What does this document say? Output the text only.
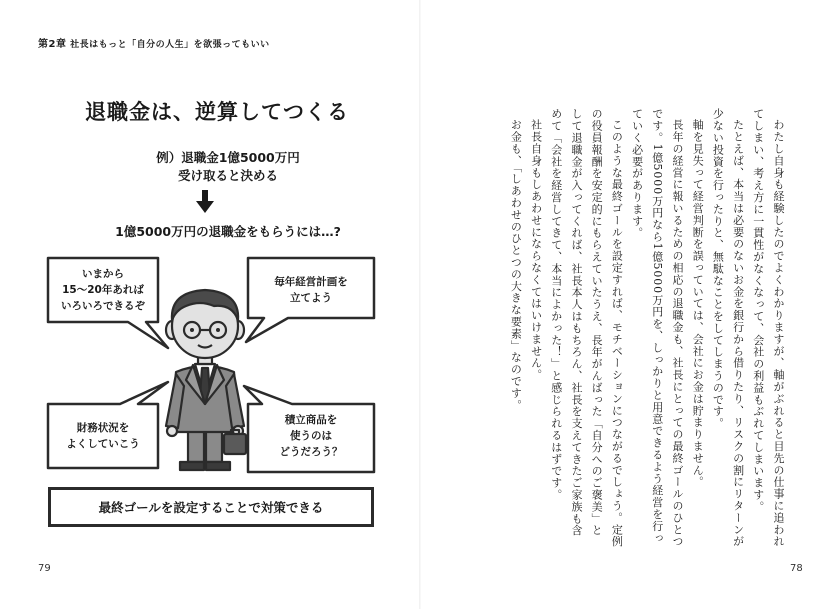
第2章 社長はもっと「自分の人生」を欲張ってもいい
退職金は、逆算してつくる
例）退職金1億5000万円
受け取ると決める
1億5000万円の退職金をもらうには…?
いまから
15～20年あれば
いろいろできるぞ
毎年経営計画を
立てよう
財務状況を
よくしていこう
積立商品を
使うのは
どうだろう？
最終ゴールを設定することで対策できる
79

わたし自身も経験したのでよくわかりますが、軸がぶれると目先の仕事に追われてしまい、考え方に一貫性がなくなって、会社の利益もぶれてしまいます。

たとえば、本当は必要のないお金を銀行から借りたり、リスクの割にリターンが少ない投資を行ったりと、無駄なことをしてしまうのです。

軸を見失って経営判断を誤っていては、会社にお金は貯まりません。

長年の経営に報いるための相応の退職金も、社長にとっての最終ゴールのひとつです。1億5000万円なら1億5000万円を、しっかりと用意できるよう経営を行っていく必要があります。

このような最終ゴールを設定すれば、モチベーションにつながるでしょう。定例の役員報酬を安定的にもらえていたうえ、長年がんばった「自分へのご褒美」として退職金が入ってくれば、社長本人はもちろん、社長を支えてきたご家族も含めて「会社を経営してきて、本当によかった！」と感じられるはずです。

社長自身もしあわせにならなくてはいけません。

お金も、「しあわせのひとつの大きな要素」なのです。

78
